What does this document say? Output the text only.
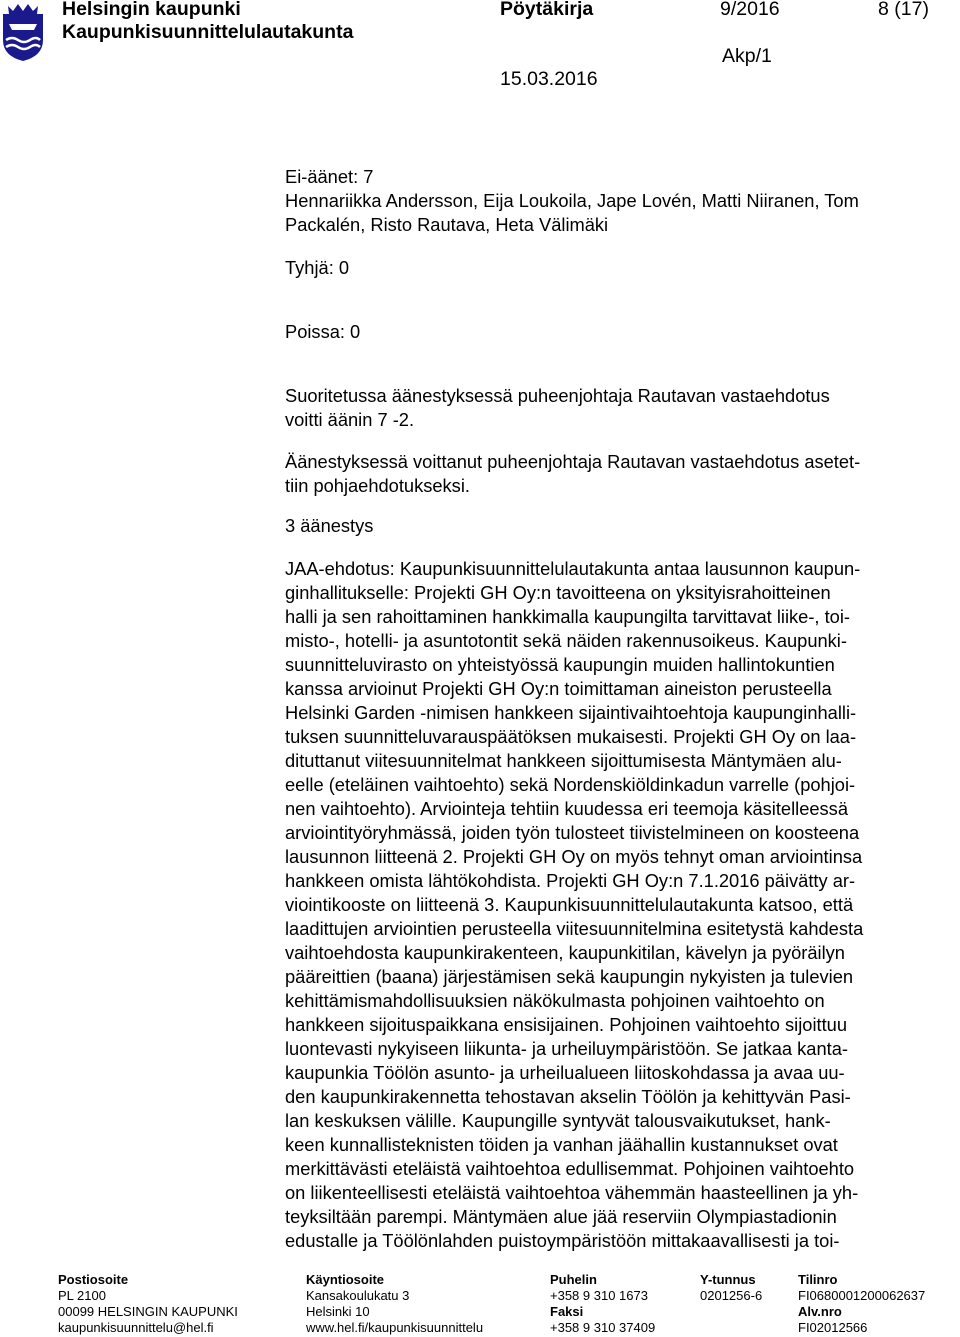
Helsingin kaupunki
Kaupunkisuunnittelulautakunta
Pöytäkirja	9/2016	8 (17)
Akp/1
15.03.2016
Ei-äänet: 7
Hennariikka Andersson, Eija Loukoila, Jape Lovén, Matti Niiranen, Tom
Packalén, Risto Rautava, Heta Välimäki
Tyhjä: 0
Poissa: 0
Suoritetussa äänestyksessä puheenjohtaja Rautavan vastaehdotus
voitti äänin 7 -2.
Äänestyksessä voittanut puheenjohtaja Rautavan vastaehdotus asetet-
tiin pohjaehdotukseksi.
3 äänestys
JAA-ehdotus: Kaupunkisuunnittelulautakunta antaa lausunnon kaupun-
ginhallitukselle: Projekti GH Oy:n tavoitteena on yksityisrahoitteinen
halli ja sen rahoittaminen hankkimalla kaupungilta tarvittavat liike-, toi-
misto-, hotelli- ja asuntotontit sekä näiden rakennusoikeus. Kaupunki-
suunnitteluvirasto on yhteistyössä kaupungin muiden hallintokuntien
kanssa arvioinut Projekti GH Oy:n toimittaman aineiston perusteella
Helsinki Garden -nimisen hankkeen sijaintivaihtoehtoja kaupunginhalli-
tuksen suunnitteluvarauspäätöksen mukaisesti. Projekti GH Oy on laa-
dituttanut viitesuunnitelmat hankkeen sijoittumisesta Mäntymäen alu-
eelle (eteläinen vaihtoehto) sekä Nordenskiöldinkadun varrelle (pohjoi-
nen vaihtoehto). Arviointeja tehtiin kuudessa eri teemoja käsitelleessä
arviointityöryhmässä, joiden työn tulosteet tiivistelmineen on koosteena
lausunnon liitteenä 2. Projekti GH Oy on myös tehnyt oman arviointinsa
hankkeen omista lähtökohdista. Projekti GH Oy:n 7.1.2016 päivätty ar-
viointikooste on liitteenä 3. Kaupunkisuunnittelulautakunta katsoo, että
laadittujen arviointien perusteella viitesuunnitelmina esitetystä kahdesta
vaihtoehdosta kaupunkirakenteen, kaupunkitilan, kävelyn ja pyöräilyn
pääreittien (baana) järjestämisen sekä kaupungin nykyisten ja tulevien
kehittämismahdollisuuksien näkökulmasta pohjoinen vaihtoehto on
hankkeen sijoituspaikkana ensisijainen. Pohjoinen vaihtoehto sijoittuu
luontevasti nykyiseen liikunta- ja urheiluympäristöön. Se jatkaa kanta-
kaupunkia Töölön asunto- ja urheilualueen liitoskohdassa ja avaa uu-
den kaupunkirakennetta tehostavan akselin Töölön ja kehittyvän Pasi-
lan keskuksen välille. Kaupungille syntyvät talousvaikutukset, hank-
keen kunnallisteknisten töiden ja vanhan jäähallin kustannukset ovat
merkittävästi eteläistä vaihtoehtoa edullisemmat. Pohjoinen vaihtoehto
on liikenteellisesti eteläistä vaihtoehtoa vähemmän haasteellinen ja yh-
teyksiltään parempi. Mäntymäen alue jää reserviin Olympiastadionin
edustalle ja Töölönlahden puistoympäristöön mittakaavallisesti ja toi-
Postiosoite
PL 2100
00099 HELSINGIN KAUPUNKI
kaupunkisuunnittelu@hel.fi
Käyntiosoite
Kansakoulukatu 3
Helsinki 10
www.hel.fi/kaupunkisuunnittelu
Puhelin
+358 9 310 1673
Faksi
+358 9 310 37409
Y-tunnus
0201256-6
Tilinro
FI0680001200062637
Alv.nro
FI02012566
